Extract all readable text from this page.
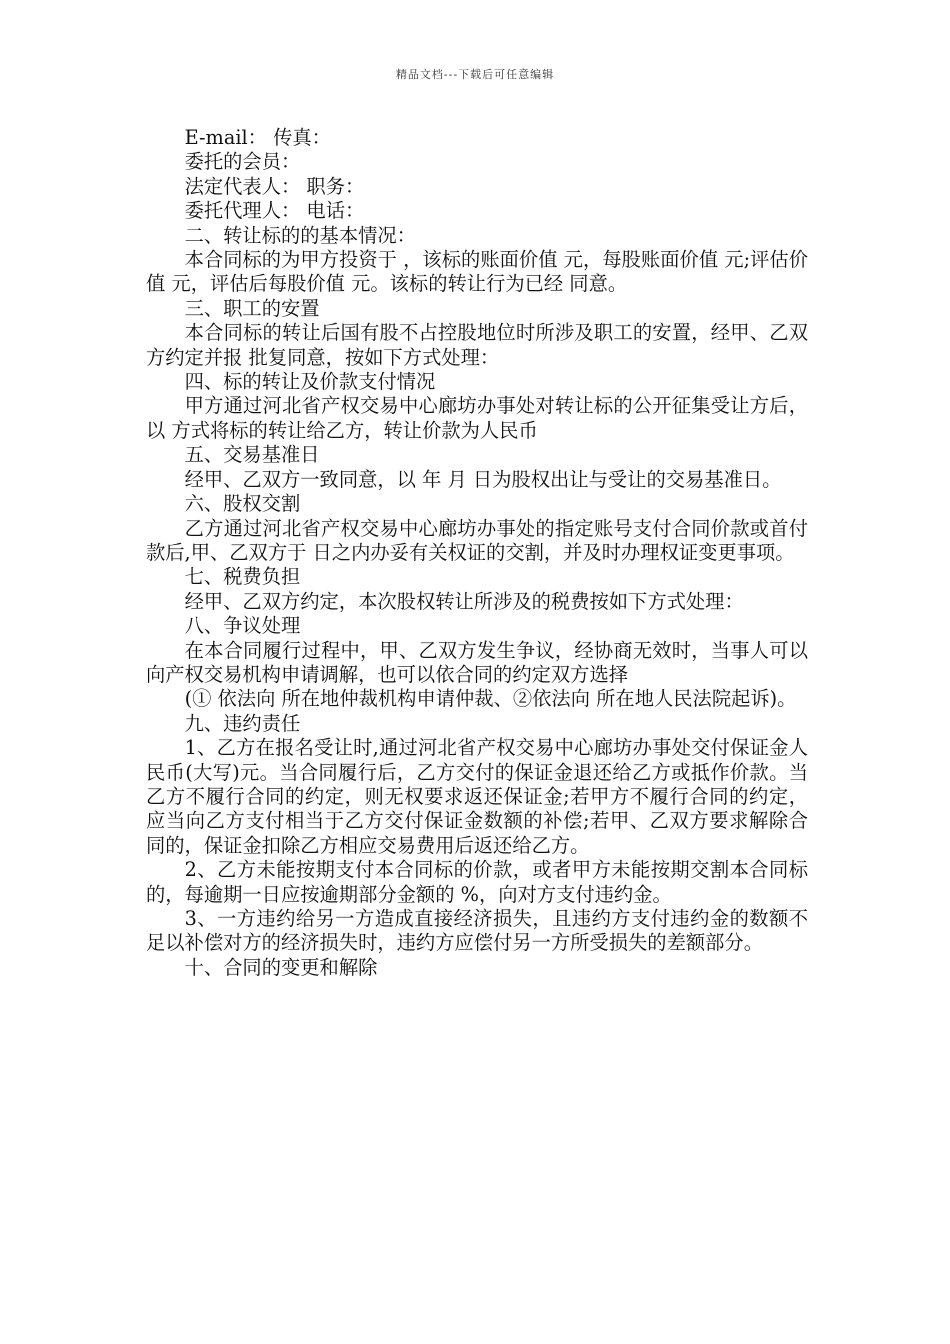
精品文档---下载后可任意编辑

E-mail： 传真：

委托的会员：

法定代表人： 职务：

委托代理人： 电话：

二、转让标的的基本情况：

本合同标的为甲方投资于 ，该标的账面价值 元，每股账面价值 元;评估价值 元，评估后每股价值 元。该标的转让行为已经 同意。

三、职工的安置

本合同标的转让后国有股不占控股地位时所涉及职工的安置，经甲、乙双方约定并报 批复同意，按如下方式处理：

四、标的转让及价款支付情况

甲方通过河北省产权交易中心廊坊办事处对转让标的公开征集受让方后，以 方式将标的转让给乙方，转让价款为人民币

五、交易基准日

经甲、乙双方一致同意，以 年 月 日为股权出让与受让的交易基准日。

六、股权交割

乙方通过河北省产权交易中心廊坊办事处的指定账号支付合同价款或首付款后,甲、乙双方于 日之内办妥有关权证的交割，并及时办理权证变更事项。

七、税费负担

经甲、乙双方约定，本次股权转让所涉及的税费按如下方式处理：

八、争议处理

在本合同履行过程中，甲、乙双方发生争议，经协商无效时，当事人可以向产权交易机构申请调解，也可以依合同的约定双方选择

(① 依法向 所在地仲裁机构申请仲裁、②依法向 所在地人民法院起诉)。

九、违约责任

1、乙方在报名受让时,通过河北省产权交易中心廊坊办事处交付保证金人民币(大写)元。当合同履行后，乙方交付的保证金退还给乙方或抵作价款。当乙方不履行合同的约定，则无权要求返还保证金;若甲方不履行合同的约定，应当向乙方支付相当于乙方交付保证金数额的补偿;若甲、乙双方要求解除合同的，保证金扣除乙方相应交易费用后返还给乙方。

2、乙方未能按期支付本合同标的价款，或者甲方未能按期交割本合同标的，每逾期一日应按逾期部分金额的 %，向对方支付违约金。

3、一方违约给另一方造成直接经济损失，且违约方支付违约金的数额不足以补偿对方的经济损失时，违约方应偿付另一方所受损失的差额部分。

十、合同的变更和解除
